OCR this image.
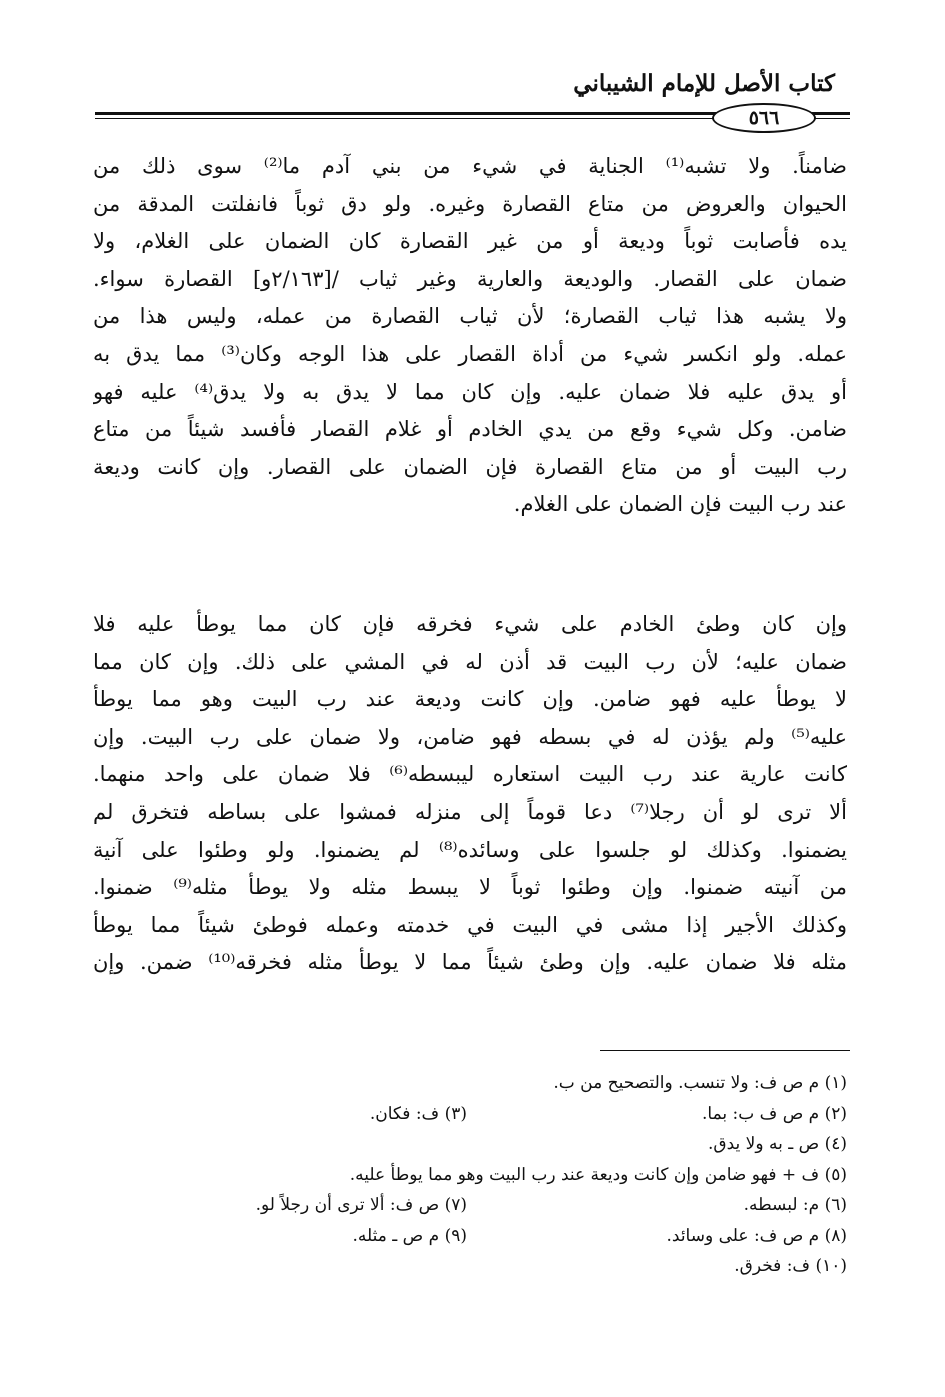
كتاب الأصل للإمام الشيباني
٥٦٦
ضامناً. ولا تشبه⁽¹⁾ الجناية في شيء من بني آدم ما⁽²⁾ سوى ذلك من
الحيوان والعروض من متاع القصارة وغيره. ولو دق ثوباً فانفلتت المدقة من
يده فأصابت ثوباً وديعة أو من غير القصارة كان الضمان على الغلام، ولا
ضمان على القصار. والوديعة والعارية وغير ثياب /[٢/١٦٣و] القصارة سواء.
ولا يشبه هذا ثياب القصارة؛ لأن ثياب القصارة من عمله، وليس هذا من
عمله. ولو انكسر شيء من أداة القصار على هذا الوجه وكان⁽³⁾ مما يدق به
أو يدق عليه فلا ضمان عليه. وإن كان مما لا يدق به ولا يدق⁽⁴⁾ عليه فهو
ضامن. وكل شيء وقع من يدي الخادم أو غلام القصار فأفسد شيئاً من متاع
رب البيت أو من متاع القصارة فإن الضمان على القصار. وإن كانت وديعة
عند رب البيت فإن الضمان على الغلام.
وإن كان وطئ الخادم على شيء فخرقه فإن كان مما يوطأ عليه فلا
ضمان عليه؛ لأن رب البيت قد أذن له في المشي على ذلك. وإن كان مما
لا يوطأ عليه فهو ضامن. وإن كانت وديعة عند رب البيت وهو مما يوطأ
عليه⁽⁵⁾ ولم يؤذن له في بسطه فهو ضامن، ولا ضمان على رب البيت. وإن
كانت عارية عند رب البيت استعاره ليبسطه⁽⁶⁾ فلا ضمان على واحد منهما.
ألا ترى لو أن رجلا⁽⁷⁾ دعا قوماً إلى منزله فمشوا على بساطه فتخرق لم
يضمنوا. وكذلك لو جلسوا على وسائده⁽⁸⁾ لم يضمنوا. ولو وطئوا على آنية
من آنيته ضمنوا. وإن وطئوا ثوباً لا يبسط مثله ولا يوطأ مثله⁽⁹⁾ ضمنوا.
وكذلك الأجير إذا مشى في البيت في خدمته وعمله فوطئ شيئاً مما يوطأ
مثله فلا ضمان عليه. وإن وطئ شيئاً مما لا يوطأ مثله فخرقه⁽¹⁰⁾ ضمن. وإن
(١) م ص ف: ولا تنسب. والتصحيح من ب.
(٢) م ص ف ب: بما.
(٣) ف: فكان.
(٤) ص ـ به ولا يدق.
(٥) ف + فهو ضامن وإن كانت وديعة عند رب البيت وهو مما يوطأ عليه.
(٦) م: لبسطه.
(٧) ص ف: ألا ترى أن رجلاً لو.
(٨) م ص ف: على وسائد.
(٩) م ص ـ مثله.
(١٠) ف: فخرق.
